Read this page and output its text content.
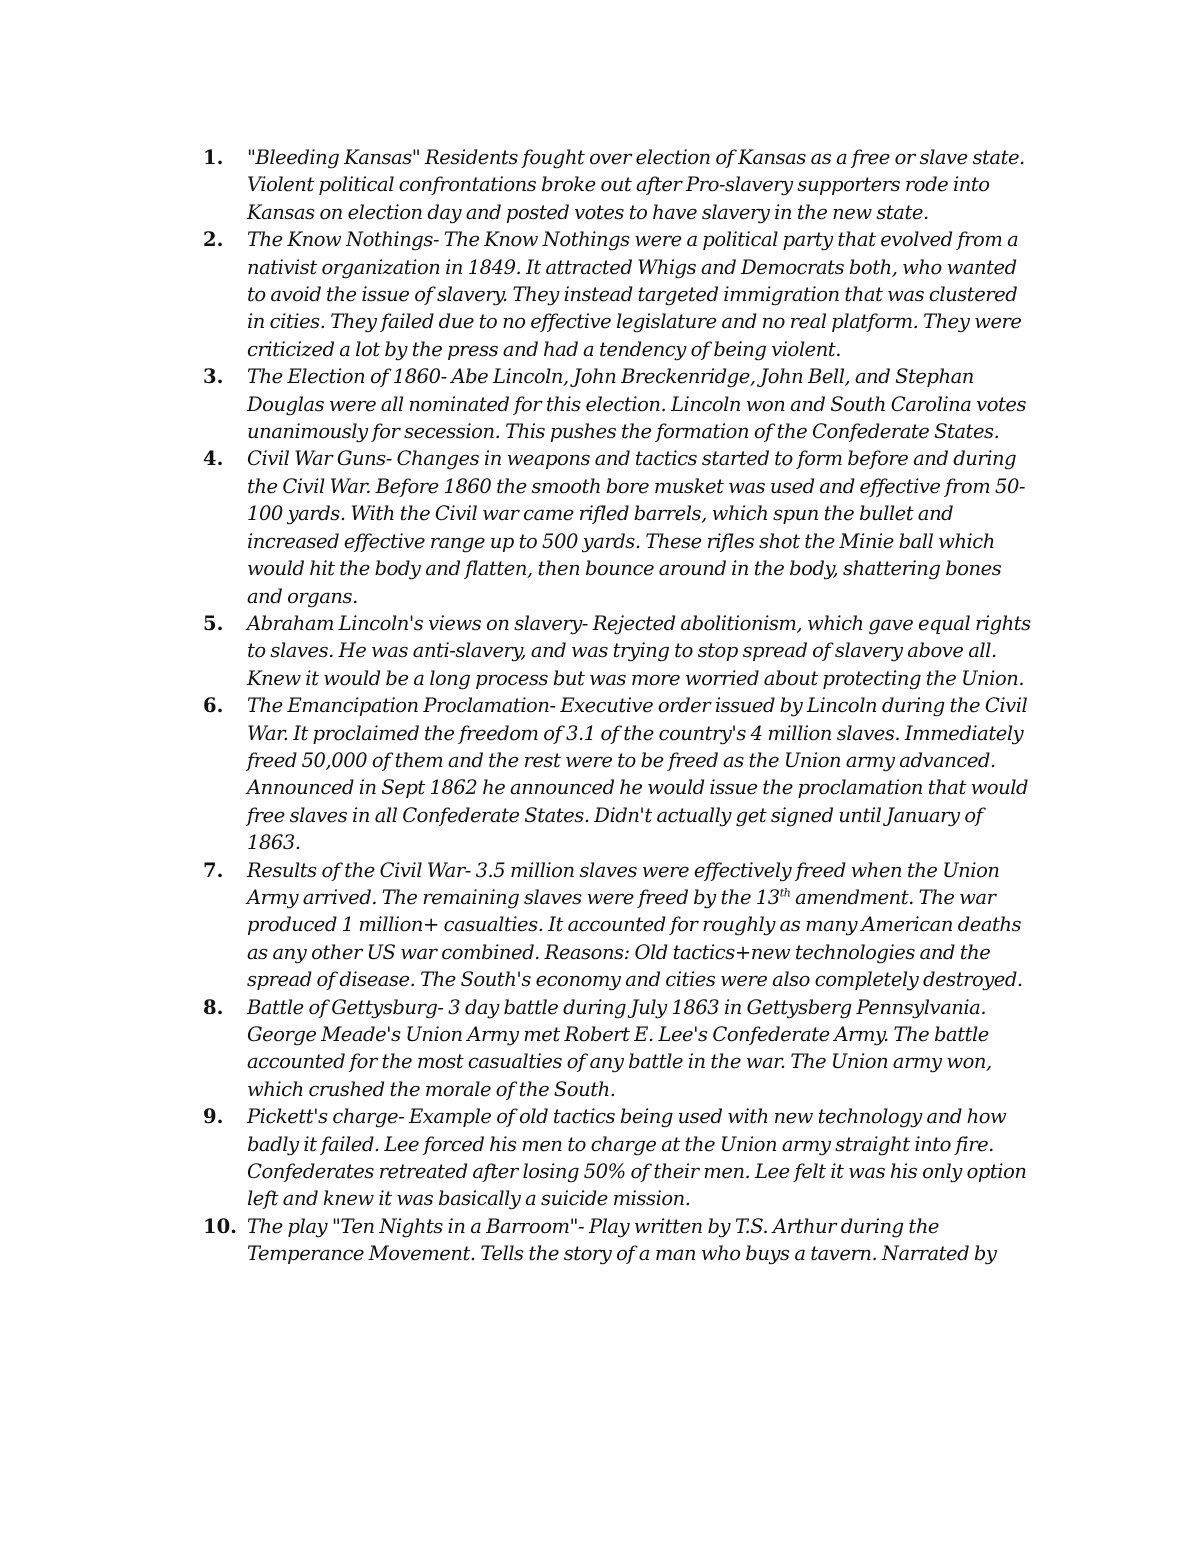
1.	"Bleeding Kansas" Residents fought over election of Kansas as a free or slave state. Violent political confrontations broke out after Pro-slavery supporters rode into Kansas on election day and posted votes to have slavery in the new state.
2.	The Know Nothings- The Know Nothings were a political party that evolved from a nativist organization in 1849. It attracted Whigs and Democrats both, who wanted to avoid the issue of slavery. They instead targeted immigration that was clustered in cities. They failed due to no effective legislature and no real platform. They were criticized a lot by the press and had a tendency of being violent.
3.	The Election of 1860- Abe Lincoln, John Breckenridge, John Bell, and Stephan Douglas were all nominated for this election. Lincoln won and South Carolina votes unanimously for secession. This pushes the formation of the Confederate States.
4.	Civil War Guns- Changes in weapons and tactics started to form before and during the Civil War. Before 1860 the smooth bore musket was used and effective from 50-100 yards. With the Civil war came rifled barrels, which spun the bullet and increased effective range up to 500 yards. These rifles shot the Minie ball which would hit the body and flatten, then bounce around in the body, shattering bones and organs.
5.	Abraham Lincoln's views on slavery- Rejected abolitionism, which gave equal rights to slaves. He was anti-slavery, and was trying to stop spread of slavery above all. Knew it would be a long process but was more worried about protecting the Union.
6.	The Emancipation Proclamation- Executive order issued by Lincoln during the Civil War. It proclaimed the freedom of 3.1 of the country's 4 million slaves. Immediately freed 50,000 of them and the rest were to be freed as the Union army advanced. Announced in Sept 1862 he announced he would issue the proclamation that would free slaves in all Confederate States. Didn't actually get signed until January of 1863.
7.	Results of the Civil War- 3.5 million slaves were effectively freed when the Union Army arrived. The remaining slaves were freed by the 13th amendment. The war produced 1 million+ casualties. It accounted for roughly as many American deaths as any other US war combined. Reasons: Old tactics+new technologies and the spread of disease. The South's economy and cities were also completely destroyed.
8.	Battle of Gettysburg- 3 day battle during July 1863 in Gettysberg Pennsylvania. George Meade's Union Army met Robert E. Lee's Confederate Army. The battle accounted for the most casualties of any battle in the war. The Union army won, which crushed the morale of the South.
9.	Pickett's charge- Example of old tactics being used with new technology and how badly it failed. Lee forced his men to charge at the Union army straight into fire. Confederates retreated after losing 50% of their men. Lee felt it was his only option left and knew it was basically a suicide mission.
10. The play "Ten Nights in a Barroom"- Play written by T.S. Arthur during the Temperance Movement. Tells the story of a man who buys a tavern. Narrated by
